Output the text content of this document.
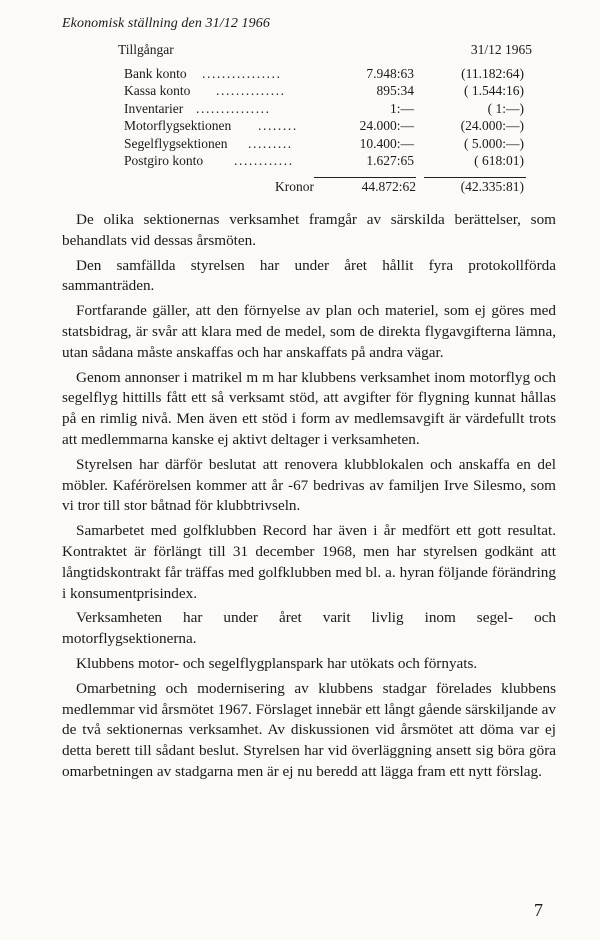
Ekonomisk ställning den 31/12 1966
Tillgångar	31/12 1965
Bank konto ................	7.948:63	(11.182:64)
Kassa konto ..............	895:34	( 1.544:16)
Inventarier ...............	1:—	( 1:—)
Motorflygsektionen ........	24.000:—	(24.000:—)
Segelflygsektionen .........	10.400:—	( 5.000:—)
Postgiro konto ............	1.627:65	( 618:01)
Kronor	44.872:62	(42.335:81)

De olika sektionernas verksamhet framgår av särskilda berättelser, som behandlats vid dessas årsmöten.

Den samfällda styrelsen har under året hållit fyra protokollförda sammanträden.

Fortfarande gäller, att den förnyelse av plan och materiel, som ej göres med statsbidrag, är svår att klara med de medel, som de direkta flygavgifterna lämna, utan sådana måste anskaffas och har anskaffats på andra vägar.

Genom annonser i matrikel m m har klubbens verksamhet inom motorflyg och segelflyg hittills fått ett så verksamt stöd, att avgifter för flygning kunnat hållas på en rimlig nivå. Men även ett stöd i form av medlemsavgift är värdefullt trots att medlemmarna kanske ej aktivt deltager i verksamheten.

Styrelsen har därför beslutat att renovera klubblokalen och anskaffa en del möbler. Kaférörelsen kommer att år -67 bedrivas av familjen Irve Silesmo, som vi tror till stor båtnad för klubbtrivseln.

Samarbetet med golfklubben Record har även i år medfört ett gott resultat. Kontraktet är förlängt till 31 december 1968, men har styrelsen godkänt att långtidskontrakt får träffas med golfklubben med bl. a. hyran följande förändring i konsumentprisindex.

Verksamheten har under året varit livlig inom segel- och motorflygsektionerna.

Klubbens motor- och segelflygplanspark har utökats och förnyats.

Omarbetning och modernisering av klubbens stadgar förelades klubbens medlemmar vid årsmötet 1967. Förslaget innebär ett långt gående särskiljande av de två sektionernas verksamhet. Av diskussionen vid årsmötet att döma var ej detta berett till sådant beslut. Styrelsen har vid överläggning ansett sig böra göra omarbetningen av stadgarna men är ej nu beredd att lägga fram ett nytt förslag.

7
